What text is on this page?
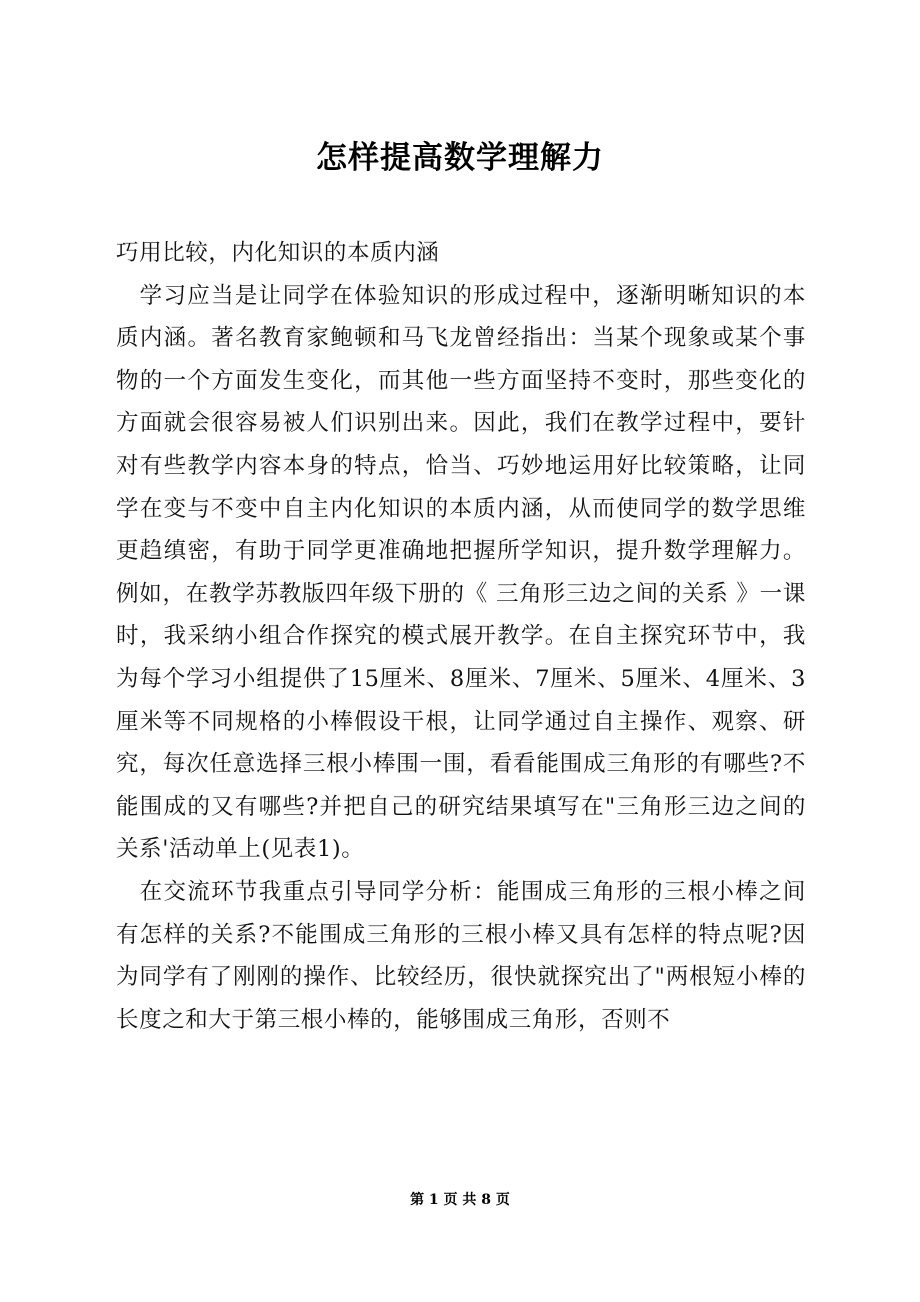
怎样提高数学理解力

巧用比较，内化知识的本质内涵

学习应当是让同学在体验知识的形成过程中，逐渐明晰知识的本质内涵。著名教育家鲍顿和马飞龙曾经指出：当某个现象或某个事物的一个方面发生变化，而其他一些方面坚持不变时，那些变化的方面就会很容易被人们识别出来。因此，我们在教学过程中，要针对有些教学内容本身的特点，恰当、巧妙地运用好比较策略，让同学在变与不变中自主内化知识的本质内涵，从而使同学的数学思维更趋缜密，有助于同学更准确地把握所学知识，提升数学理解力。例如，在教学苏教版四年级下册的《 三角形三边之间的关系 》一课时，我采纳小组合作探究的模式展开教学。在自主探究环节中，我为每个学习小组提供了15厘米、8厘米、7厘米、5厘米、4厘米、3厘米等不同规格的小棒假设干根，让同学通过自主操作、观察、研究，每次任意选择三根小棒围一围，看看能围成三角形的有哪些?不能围成的又有哪些?并把自己的研究结果填写在"三角形三边之间的关系'活动单上(见表1)。

在交流环节我重点引导同学分析：能围成三角形的三根小棒之间有怎样的关系?不能围成三角形的三根小棒又具有怎样的特点呢?因为同学有了刚刚的操作、比较经历，很快就探究出了"两根短小棒的长度之和大于第三根小棒的，能够围成三角形，否则不

第 1 页 共 8 页
